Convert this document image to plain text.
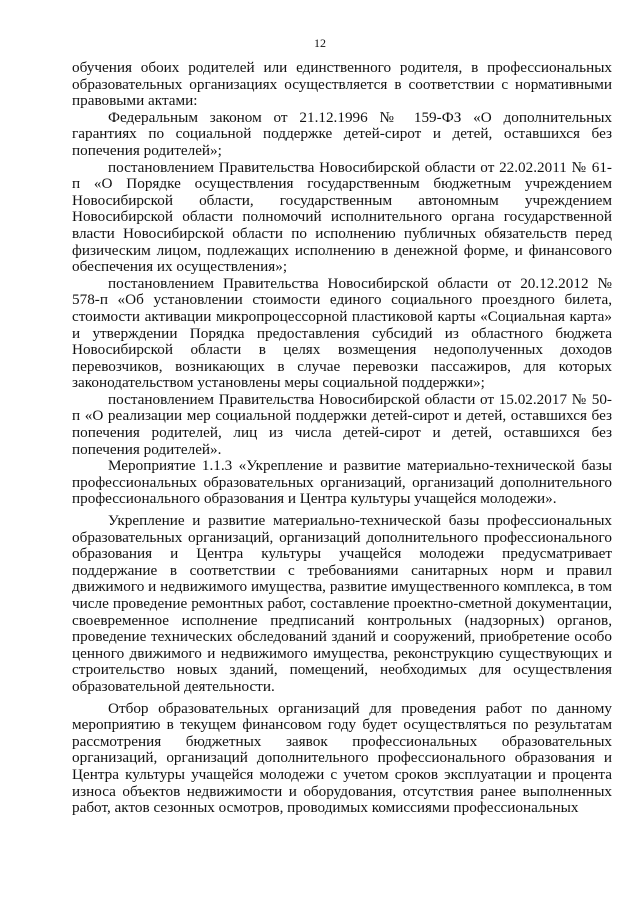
12

обучения обоих родителей или единственного родителя, в профессиональных образовательных организациях осуществляется в соответствии с нормативными правовыми актами:

Федеральным законом от 21.12.1996 № 159-ФЗ «О дополнительных гарантиях по социальной поддержке детей-сирот и детей, оставшихся без попечения родителей»;

постановлением Правительства Новосибирской области от 22.02.2011 № 61-п «О Порядке осуществления государственным бюджетным учреждением Новосибирской области, государственным автономным учреждением Новосибирской области полномочий исполнительного органа государственной власти Новосибирской области по исполнению публичных обязательств перед физическим лицом, подлежащих исполнению в денежной форме, и финансового обеспечения их осуществления»;

постановлением Правительства Новосибирской области от 20.12.2012 № 578-п «Об установлении стоимости единого социального проездного билета, стоимости активации микропроцессорной пластиковой карты «Социальная карта» и утверждении Порядка предоставления субсидий из областного бюджета Новосибирской области в целях возмещения недополученных доходов перевозчиков, возникающих в случае перевозки пассажиров, для которых законодательством установлены меры социальной поддержки»;

постановлением Правительства Новосибирской области от 15.02.2017 № 50-п «О реализации мер социальной поддержки детей-сирот и детей, оставшихся без попечения родителей, лиц из числа детей-сирот и детей, оставшихся без попечения родителей».

Мероприятие 1.1.3 «Укрепление и развитие материально-технической базы профессиональных образовательных организаций, организаций дополнительного профессионального образования и Центра культуры учащейся молодежи».

Укрепление и развитие материально-технической базы профессиональных образовательных организаций, организаций дополнительного профессионального образования и Центра культуры учащейся молодежи предусматривает поддержание в соответствии с требованиями санитарных норм и правил движимого и недвижимого имущества, развитие имущественного комплекса, в том числе проведение ремонтных работ, составление проектно-сметной документации, своевременное исполнение предписаний контрольных (надзорных) органов, проведение технических обследований зданий и сооружений, приобретение особо ценного движимого и недвижимого имущества, реконструкцию существующих и строительство новых зданий, помещений, необходимых для осуществления образовательной деятельности.

Отбор образовательных организаций для проведения работ по данному мероприятию в текущем финансовом году будет осуществляться по результатам рассмотрения бюджетных заявок профессиональных образовательных организаций, организаций дополнительного профессионального образования и Центра культуры учащейся молодежи с учетом сроков эксплуатации и процента износа объектов недвижимости и оборудования, отсутствия ранее выполненных работ, актов сезонных осмотров, проводимых комиссиями профессиональных
